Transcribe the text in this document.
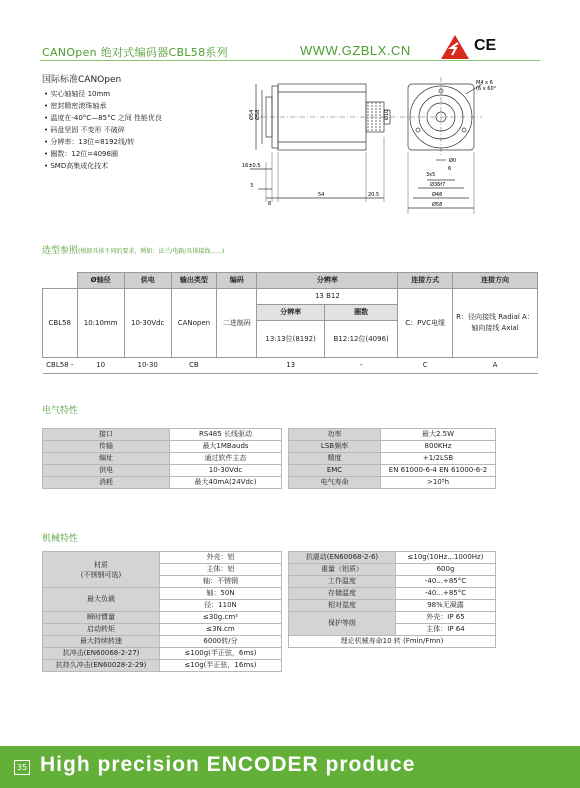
CANOpen 绝对式编码器CBL58系列	WWW.GZBLX.CN	CE
国际标准CANOpen
• 实心轴轴径 10mm
• 密封精密滚珠轴承
• 温度在-40°C—85°C 之间 性能优良
• 码盘坚固 不变形 不破碎
• 分辨率：13位=8192线/转
• 圈数：12位=4096圈
• SMD高集成化技术
Ø54 Ø58	Ø10
16±0.5
3
8
54	20.5
M4 x 6
(6 x 60°
Ø0
3x5
Ø36f7
Ø48
Ø58
6
选型参照(根据具体不同的要求，例如：法兰/电路/具体接线......)
	Ø轴径	供电	输出类型	编码	分辨率		连接方式	连接方向
CBL58	10:10mm	10-30Vdc	CANopen	二进制码	13 B12		C：PVC电缆	R：径向接线 Radial A：轴向接线 Axial
					分辨率	圈数		
					13:13位(8192)	B12:12位(4096)		
CBL58 -	10	10-30	CB		13	-	C	A
电气特性
接口	RS485 长线驱动
传输	最大1MBauds
编址	通过软件主态
供电	10-30Vdc
消耗	最大40mA(24Vdc)
功率	最大2.5W
LSB频率	800KHz
精度	+1/2LSB
EMC	EN 61000-6-4 EN 61000-6-2
电气寿命	>10⁵h
机械特性
材质
(不锈钢可选)	外壳：铝
	主体：铝
	轴：不锈钢
最大负载	轴：50N
	径：110N
瞬时惯量	≤30g.cm²
启动转矩	≤3N.cm
最大持续转速	6000转/分
抗冲击(EN60068-2-27)	≤100g(半正弦，6ms)
抗持久冲击(EN60028-2-29)	≤10g(半正弦，16ms)
抗震动(EN60068-2-6)	≤10g(10Hz...1000Hz)
重量（铝质）	600g
工作温度	-40...+85°C
存储温度	-40...+85°C
相对湿度	98%无凝露
保护等级	外壳：IP 65
	主体：IP 64
理论机械寿命10 转 (Fmin/Fmn)	
35 High precision ENCODER produce
